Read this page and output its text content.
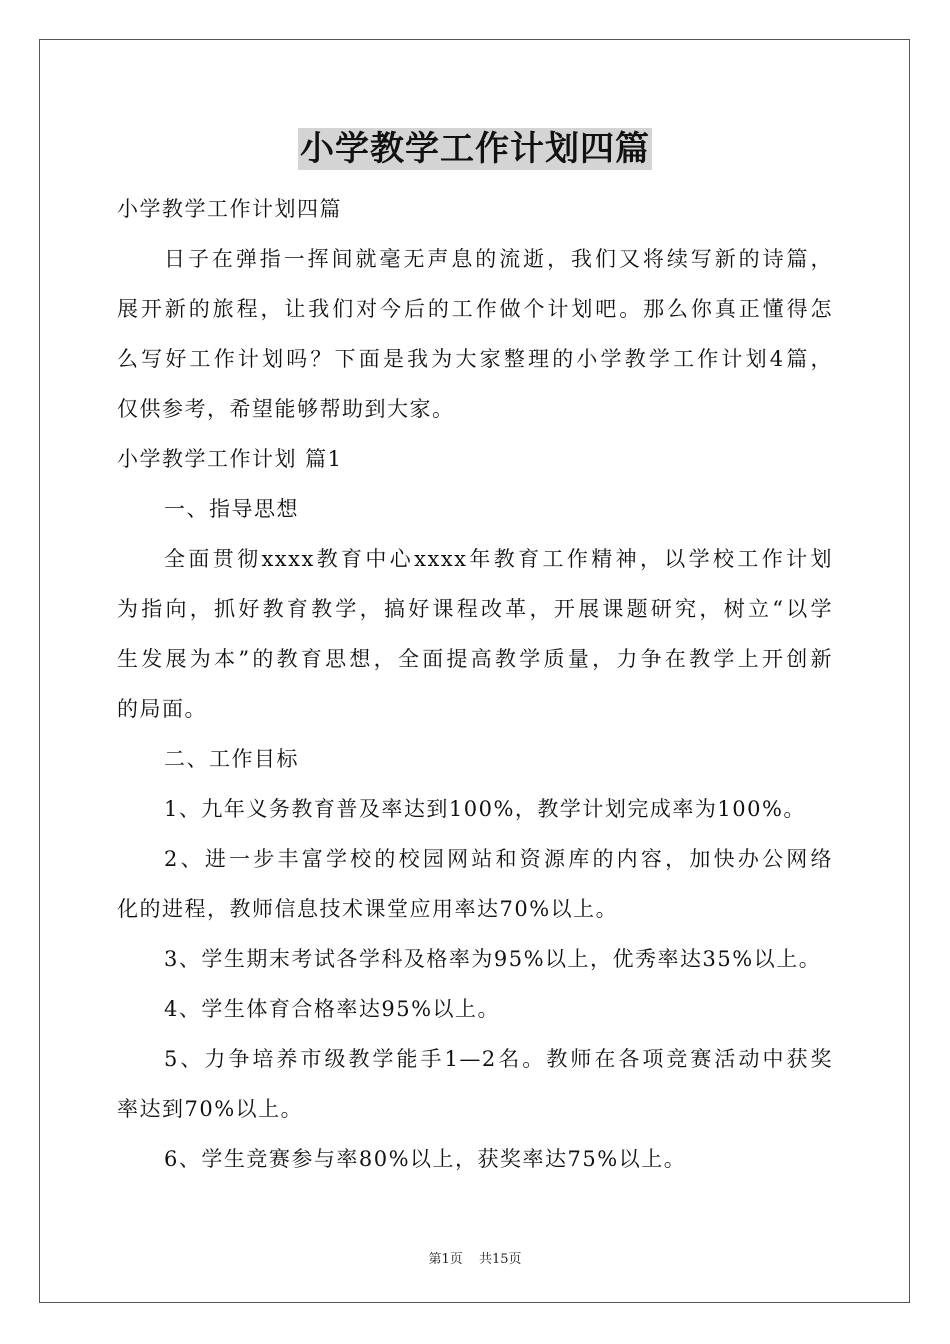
小学教学工作计划四篇
小学教学工作计划四篇
日子在弹指一挥间就毫无声息的流逝，我们又将续写新的诗篇，
展开新的旅程，让我们对今后的工作做个计划吧。那么你真正懂得怎
么写好工作计划吗？下面是我为大家整理的小学教学工作计划4篇，
仅供参考，希望能够帮助到大家。
小学教学工作计划 篇1
一、指导思想
全面贯彻xxxx教育中心xxxx年教育工作精神，以学校工作计划
为指向，抓好教育教学，搞好课程改革，开展课题研究，树立“以学
生发展为本”的教育思想，全面提高教学质量，力争在教学上开创新
的局面。
二、工作目标
1、九年义务教育普及率达到100%，教学计划完成率为100%。
2、进一步丰富学校的校园网站和资源库的内容，加快办公网络
化的进程，教师信息技术课堂应用率达70%以上。
3、学生期末考试各学科及格率为95%以上，优秀率达35%以上。
4、学生体育合格率达95%以上。
5、力争培养市级教学能手1—2名。教师在各项竞赛活动中获奖
率达到70%以上。
6、学生竞赛参与率80%以上，获奖率达75%以上。
第1页 共15页
